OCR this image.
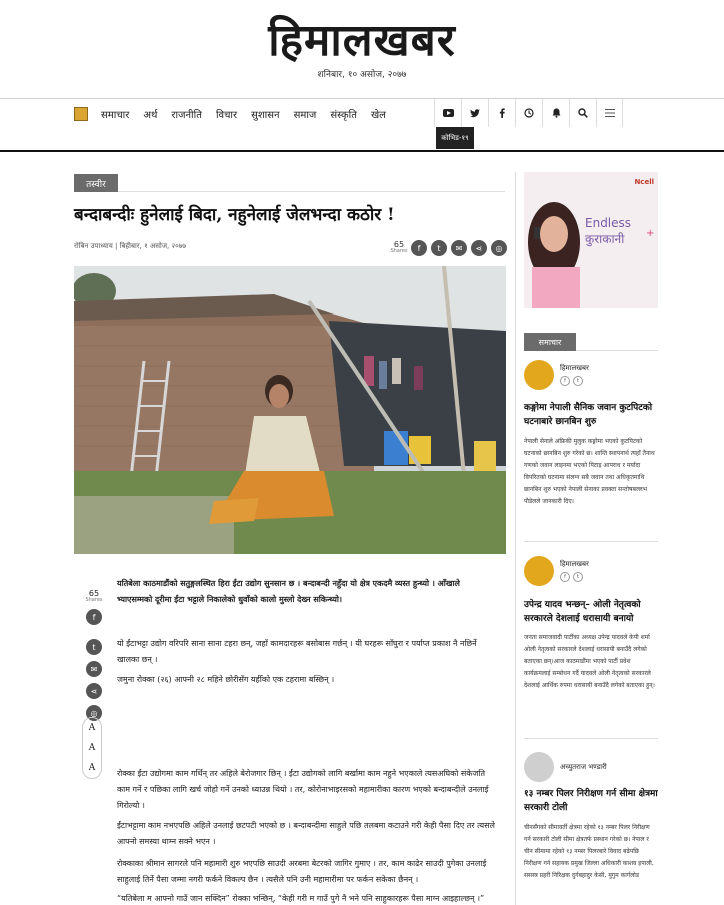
हिमालखबर
शनिबार, १० असोज, २०७७
समाचार अर्थ राजनीति विचार सुशासन समाज संस्कृति खेल
कोभिड-१९
तस्वीर
बन्दाबन्दीः हुनेलाई बिदा, नहुनेलाई जेलभन्दा कठोर !
रोबिन उपाध्याय | बिहीबार, १ असोज, २०७७	65
Shares	f	t	✉	⋖	◎
65
Shares
f
t
✉
⋖
◎
A
A
A

यतिबेला काठमाडौंको सतुङ्गलस्थित हिरा ईंटा उद्योग सुनसान छ । बन्दाबन्दी नहुँदा यो क्षेत्र एकदमै व्यस्त हुन्थ्यो । आँखाले भ्याएसम्मको दूरीमा ईंटा भट्टाले निकालेको धुवाँको कालो मुस्लो देख्न सकिन्थ्यो।

यो ईंटाभट्टा उद्योग वरिपरि साना साना टहरा छन्, जहाँ कामदारहरू बसोबास गर्छन् । यी घरहरू साँघुरा र पर्याप्त प्रकाश नै नछिर्ने खालका छन् ।

जमुना रोक्का (२६) आफ्नी २८ महिने छोरीसँग यहीँको एक टहरामा बस्छिन् ।

रोक्का ईंटा उद्योगमा काम गर्थिन् तर अहिले बेरोजगार छिन् । ईंटा उद्योगको लागि बर्खामा काम नहुने भएकाले त्यसअघिको संकेजति काम गर्ने र पछिका लागि खर्च जोहो गर्ने उनको ध्याउन्न थियो । तर, कोरोनाभाइरसको महामारीका कारण भएको बन्दाबन्दीले उनलाई गिरोल्यो ।

ईंटाभट्टामा काम नभएपछि अहिले उनलाई छटपटी भएको छ । बन्दाबन्दीमा साहुले पछि तलबमा कटाउने गरी केही पैसा दिए तर त्यसले आफ्नो समस्या थाम्न सक्ने भएन ।

रोक्काका श्रीमान सागरले पनि महामारी शुरु भएपछि साउदी अरबमा बेटरको जागिर गुमाए । तर, काम काढेर साउदी पुगेका उनलाई साहुलाई तिर्ने पैसा जम्मा नगरी फर्कने विकल्प छैन । त्यसैले पनि उनी महामारीमा पर फर्कन सकेका छैनन् ।

“यतिबेला म आफ्नो गाउँ जान सक्दिन” रोक्का भन्छिन्, “केही गरी म गाउँ पुगे नै भने पनि साहुकारहरू पैसा माग्न आइहाल्छन् ।”

Ncell
Endless
कुराकानी	+
समाचार
हिमालखबर
f	t
कङ्गोमा नेपाली सैनिक जवान कुटपिटको घटनाबारे छानबिन शुरु
नेपाली सेनाले अफ्रिकी मुलुक कङ्गोमा भएको कुटपिटको घटनाको छानबिन शुरु गरेको छ। शान्ति स्थापनार्थ त्यहाँ तैनाथ गणको जवान लाइनमा भएको पिटाइ आपराध र मर्यादा विपरितको घटनामा संलग्न सबै जवान तथा अधिकृतमाथि छानबिन शुरु भएको नेपाली सेनाका प्रवक्ता सन्तोषबल्लभ पौडेलले जानकारी दिए।
हिमालखबर
f	t
उपेन्द्र यादव भन्छन्– ओली नेतृत्वको सरकारले देशलाई धरासायी बनायो
जनता समाजवादी पार्टीका अध्यक्ष उपेन्द्र यादवले केपी शर्मा ओली नेतृत्वको सरकारले देशलाई धरासायी बनाउँदै लगेको बताएका छन्।आज काठमाडौंमा भएको पार्टी प्रवेश कार्यक्रमलाई सम्बोधन गर्दै यादवले ओली नेतृत्वको सरकारले देशलाई आर्थिक रुपमा धरासायी बनाउँदै लगेको बताएका हुन्।
अच्युतराज भण्डारी
१३ नम्बर पिलर निरीक्षण गर्न सीमा क्षेत्रमा सरकारी टोली
चीनसँगको सीमावर्ती क्षेत्रमा रहेको १३ नम्बर पिलर निरीक्षण गर्न सरकारी टोली सीमा क्षेत्रतर्फ प्रस्थान गरेको छ। नेपाल र चीन सीमामा रहेको १३ नम्बर पिलरबारे विवाद बढेपछि निरीक्षण गर्न सहायक प्रमुख जिल्ला अधिकारी काशव इपाली, ससस्त्र प्रहरी निरिक्षक दुर्गबहादुर केसी, मुगुम कार्गलोड
